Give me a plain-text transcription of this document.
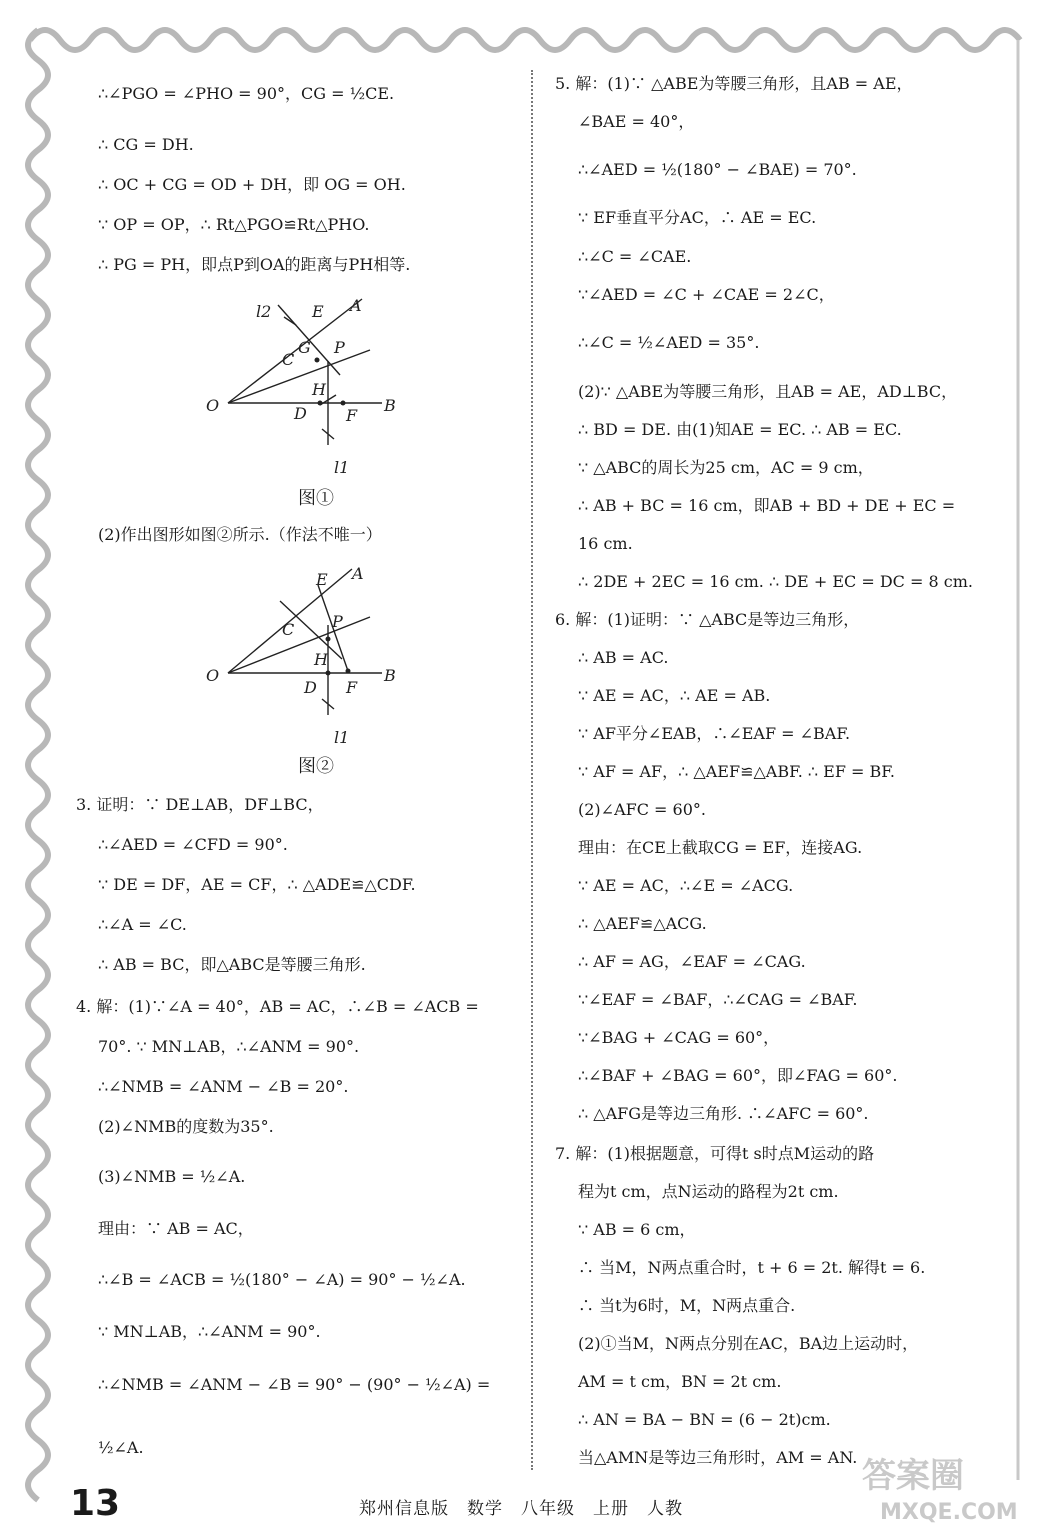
∴∠PGO = ∠PHO = 90°，CG = ½CE.
∴ CG = DH.
∴ OC + CG = OD + DH，即 OG = OH.
∵ OP = OP，∴ Rt△PGO≌Rt△PHO.
∴ PG = PH，即点P到OA的距离与PH相等.
l2	E A
G P
C
O
H
D	B
F
l1
图①
(2)作出图形如图②所示.（作法不唯一）
E A
P
C
O
H
D
B
F
l1
图②
3. 证明：∵ DE⊥AB，DF⊥BC，
∴∠AED = ∠CFD = 90°.
∵ DE = DF，AE = CF，∴ △ADE≌△CDF.
∴∠A = ∠C.
∴ AB = BC，即△ABC是等腰三角形.
4. 解：(1)∵∠A = 40°，AB = AC，∴∠B = ∠ACB =
70°. ∵ MN⊥AB，∴∠ANM = 90°.
∴∠NMB = ∠ANM − ∠B = 20°.
(2)∠NMB的度数为35°.
(3)∠NMB = ½∠A.
理由：∵ AB = AC，
∴∠B = ∠ACB = ½(180° − ∠A) = 90° − ½∠A.
∵ MN⊥AB，∴∠ANM = 90°.
∴∠NMB = ∠ANM − ∠B = 90° − (90° − ½∠A) =
½∠A.
5. 解：(1)∵ △ABE为等腰三角形，且AB = AE，
∠BAE = 40°，
∴∠AED = ½(180° − ∠BAE) = 70°.
∵ EF垂直平分AC，∴ AE = EC.
∴∠C = ∠CAE.
∵∠AED = ∠C + ∠CAE = 2∠C，
∴∠C = ½∠AED = 35°.
(2)∵ △ABE为等腰三角形，且AB = AE，AD⊥BC，
∴ BD = DE. 由(1)知AE = EC. ∴ AB = EC.
∵ △ABC的周长为25 cm，AC = 9 cm，
∴ AB + BC = 16 cm，即AB + BD + DE + EC =
16 cm.
∴ 2DE + 2EC = 16 cm. ∴ DE + EC = DC = 8 cm.
6. 解：(1)证明：∵ △ABC是等边三角形，
∴ AB = AC.
∵ AE = AC，∴ AE = AB.
∵ AF平分∠EAB，∴∠EAF = ∠BAF.
∵ AF = AF，∴ △AEF≌△ABF. ∴ EF = BF.
(2)∠AFC = 60°.
理由：在CE上截取CG = EF，连接AG.
∵ AE = AC，∴∠E = ∠ACG.
∴ △AEF≌△ACG.
∴ AF = AG，∠EAF = ∠CAG.
∵∠EAF = ∠BAF，∴∠CAG = ∠BAF.
∵∠BAG + ∠CAG = 60°，
∴∠BAF + ∠BAG = 60°，即∠FAG = 60°.
∴ △AFG是等边三角形. ∴∠AFC = 60°.
7. 解：(1)根据题意，可得t s时点M运动的路
程为t cm，点N运动的路程为2t cm.
∵ AB = 6 cm，
∴ 当M，N两点重合时，t + 6 = 2t. 解得t = 6.
∴ 当t为6时，M，N两点重合.
(2)①当M，N两点分别在AC，BA边上运动时，
AM = t cm，BN = 2t cm.
∴ AN = BA − BN = (6 − 2t)cm.
当△AMN是等边三角形时，AM = AN. 答案圈
MXQE.COM
13	郑州信息版　数学　八年级　上册　人教
